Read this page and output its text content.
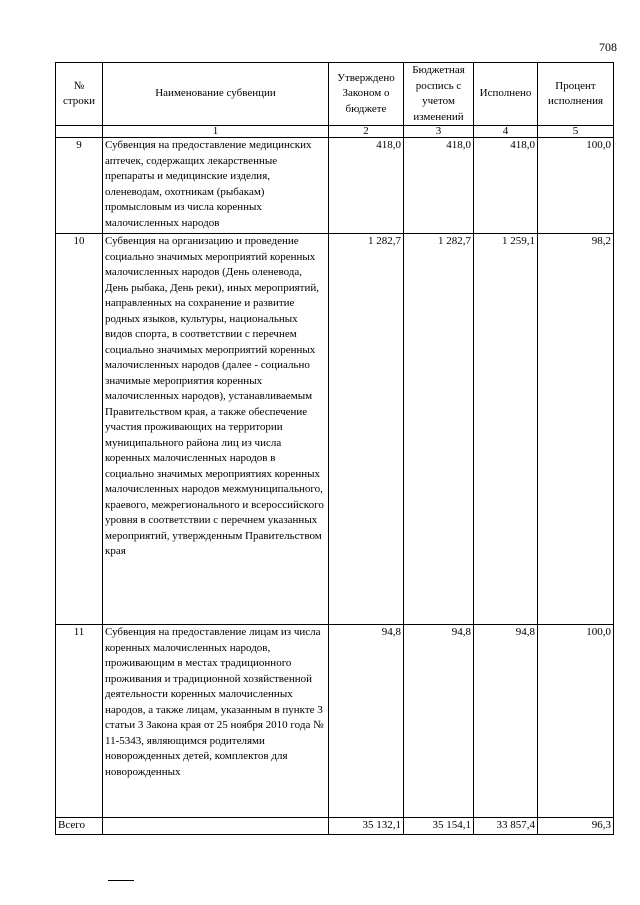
708
№ строки	Наименование субвенции	Утверждено Законом о бюджете	Бюджетная роспись с учетом изменений	Исполнено	Процент исполнения
	1	2	3	4	5
9	Субвенция на предоставление медицинских аптечек, содержащих лекарственные препараты и медицинские изделия, оленеводам, охотникам (рыбакам) промысловым из числа коренных малочисленных народов	418,0	418,0	418,0	100,0
10	Субвенция на организацию и проведение социально значимых мероприятий коренных малочисленных народов (День оленевода, День рыбака, День реки), иных мероприятий, направленных на сохранение и развитие родных языков, культуры, национальных видов спорта, в соответствии с перечнем социально значимых мероприятий коренных малочисленных народов (далее - социально значимые мероприятия коренных малочисленных народов), устанавливаемым Правительством края, а также обеспечение участия проживающих на территории муниципального района лиц из числа коренных малочисленных народов в социально значимых мероприятиях коренных малочисленных народов межмуниципального, краевого, межрегионального и всероссийского уровня в соответствии с перечнем указанных мероприятий, утвержденным Правительством края	1 282,7	1 282,7	1 259,1	98,2
11	Субвенция на предоставление лицам из числа коренных малочисленных народов, проживающим в местах традиционного проживания и традиционной хозяйственной деятельности коренных малочисленных народов, а также лицам, указанным в пункте 3 статьи 3 Закона края от 25 ноября 2010 года № 11-5343, являющимся родителями новорожденных детей, комплектов для новорожденных	94,8	94,8	94,8	100,0
Всего		35 132,1	35 154,1	33 857,4	96,3
